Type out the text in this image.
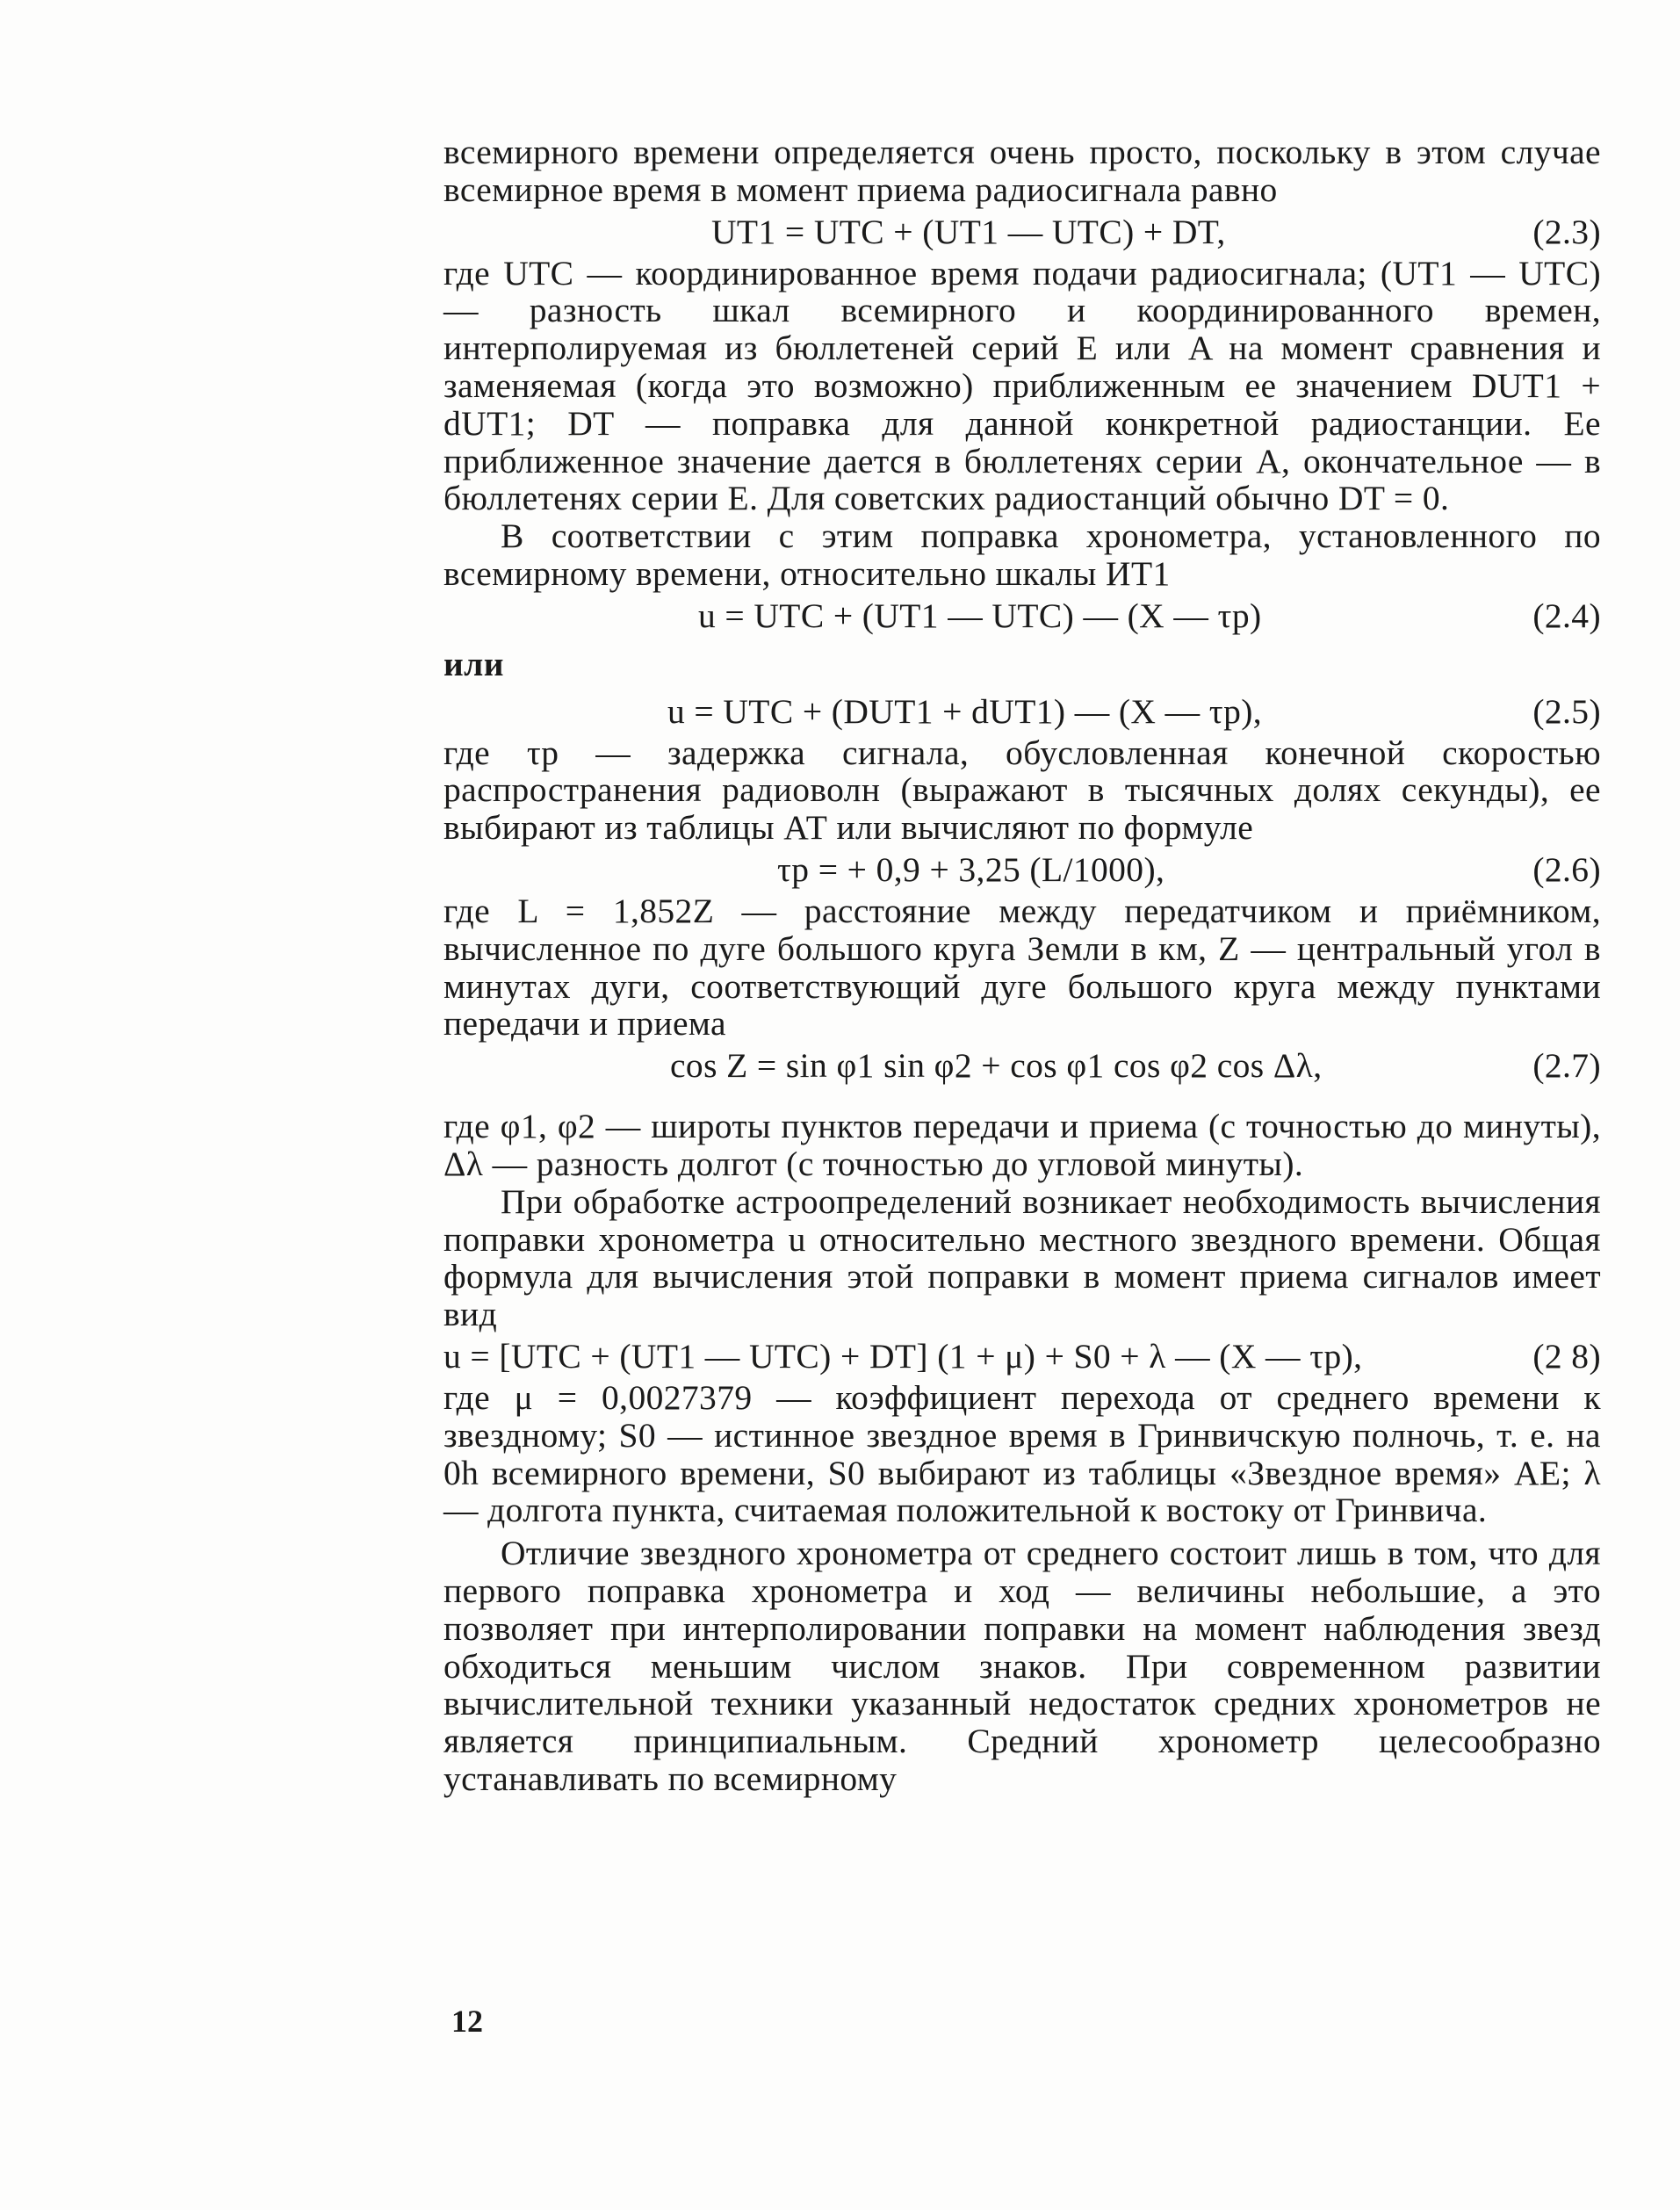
всемирного времени определяется очень просто, поскольку в этом случае всемирное время в момент приема радиосигнала равно

UT1 = UTC + (UT1 — UTC) + DT,	(2.3)

где UTC — координированное время подачи радиосигнала; (UT1 — UTC) — разность шкал всемирного и координированного времен, интерполируемая из бюллетеней серий E или A на момент сравнения и заменяемая (когда это возможно) приближенным ее значением DUT1 + dUT1; DT — поправка для данной конкретной радиостанции. Ее приближенное значение дается в бюллетенях серии A, окончательное — в бюллетенях серии E. Для советских радиостанций обычно DT = 0.

В соответствии с этим поправка хронометра, установленного по всемирному времени, относительно шкалы ИТ1

u = UTC + (UT1 — UTC) — (X — τp)	(2.4)

или

u = UTC + (DUT1 + dUT1) — (X — τp),	(2.5)

где τp — задержка сигнала, обусловленная конечной скоростью распространения радиоволн (выражают в тысячных долях секунды), ее выбирают из таблицы АТ или вычисляют по формуле

τp = + 0,9 + 3,25 (L/1000),	(2.6)

где L = 1,852Z — расстояние между передатчиком и приёмником, вычисленное по дуге большого круга Земли в км, Z — центральный угол в минутах дуги, соответствующий дуге большого круга между пунктами передачи и приема

cos Z = sin φ1 sin φ2 + cos φ1 cos φ2 cos Δλ,	(2.7)

где φ1, φ2 — широты пунктов передачи и приема (с точностью до минуты), Δλ — разность долгот (с точностью до угловой минуты).

При обработке астроопределений возникает необходимость вычисления поправки хронометра u относительно местного звездного времени. Общая формула для вычисления этой поправки в момент приема сигналов имеет вид

u = [UTC + (UT1 — UTC) + DT] (1 + μ) + S0 + λ — (X — τp),	(2 8)

где μ = 0,0027379 — коэффициент перехода от среднего времени к звездному; S0 — истинное звездное время в Гринвичскую полночь, т. е. на 0h всемирного времени, S0 выбирают из таблицы «Звездное время» АЕ; λ — долгота пункта, считаемая положительной к востоку от Гринвича.

Отличие звездного хронометра от среднего состоит лишь в том, что для первого поправка хронометра и ход — величины небольшие, а это позволяет при интерполировании поправки на момент наблюдения звезд обходиться меньшим числом знаков. При современном развитии вычислительной техники указанный недостаток средних хронометров не является принципиальным. Средний хронометр целесообразно устанавливать по всемирному

12
